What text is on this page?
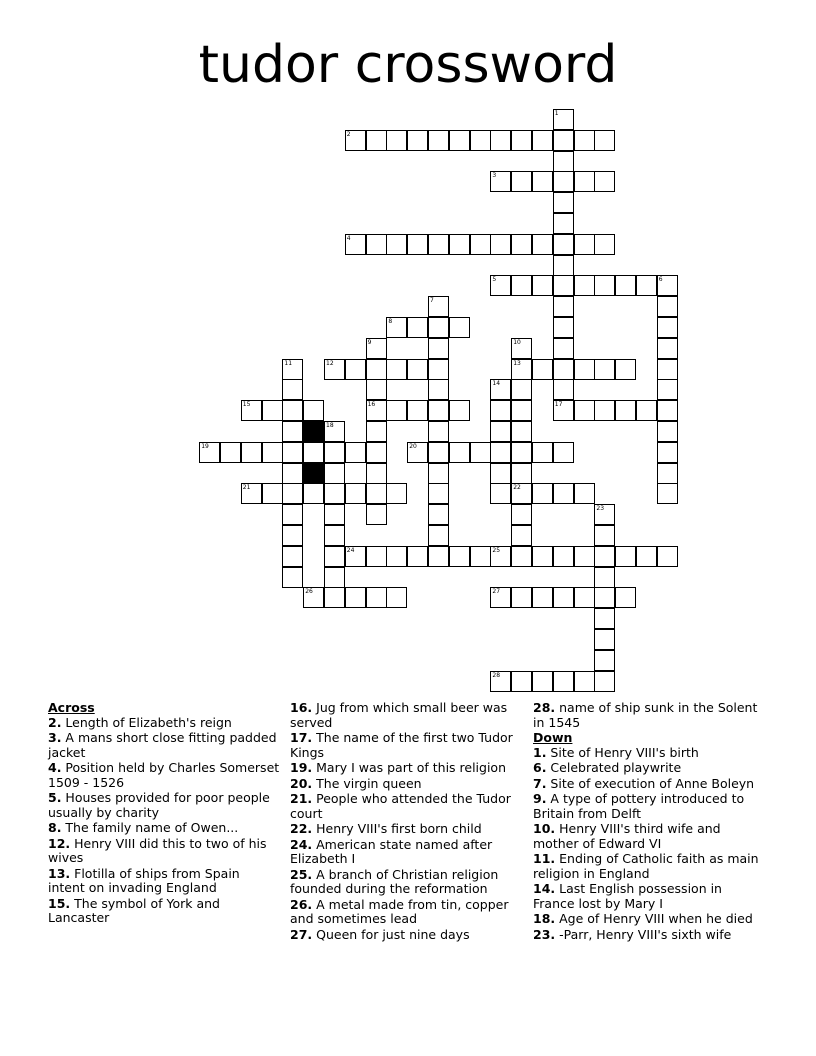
tudor crossword
1
2
3
4
5	6
7
8
9	10
11	12	13
14
15	16	17
18
19	20
21	22
23
24	25
26	27
28
Across
2. Length of Elizabeth's reign
3. A mans short close fitting padded jacket
4. Position held by Charles Somerset 1509 - 1526
5. Houses provided for poor people usually by charity
8. The family name of Owen...
12. Henry VIII did this to two of his wives
13. Flotilla of ships from Spain intent on invading England
15. The symbol of York and Lancaster
16. Jug from which small beer was served
17. The name of the first two Tudor Kings
19. Mary I was part of this religion
20. The virgin queen
21. People who attended the Tudor court
22. Henry VIII's first born child
24. American state named after Elizabeth I
25. A branch of Christian religion founded during the reformation
26. A metal made from tin, copper and sometimes lead
27. Queen for just nine days
28. name of ship sunk in the Solent in 1545
Down
1. Site of Henry VIII's birth
6. Celebrated playwrite
7. Site of execution of Anne Boleyn
9. A type of pottery introduced to Britain from Delft
10. Henry VIII's third wife and mother of Edward VI
11. Ending of Catholic faith as main religion in England
14. Last English possession in France lost by Mary I
18. Age of Henry VIII when he died
23. -Parr, Henry VIII's sixth wife
